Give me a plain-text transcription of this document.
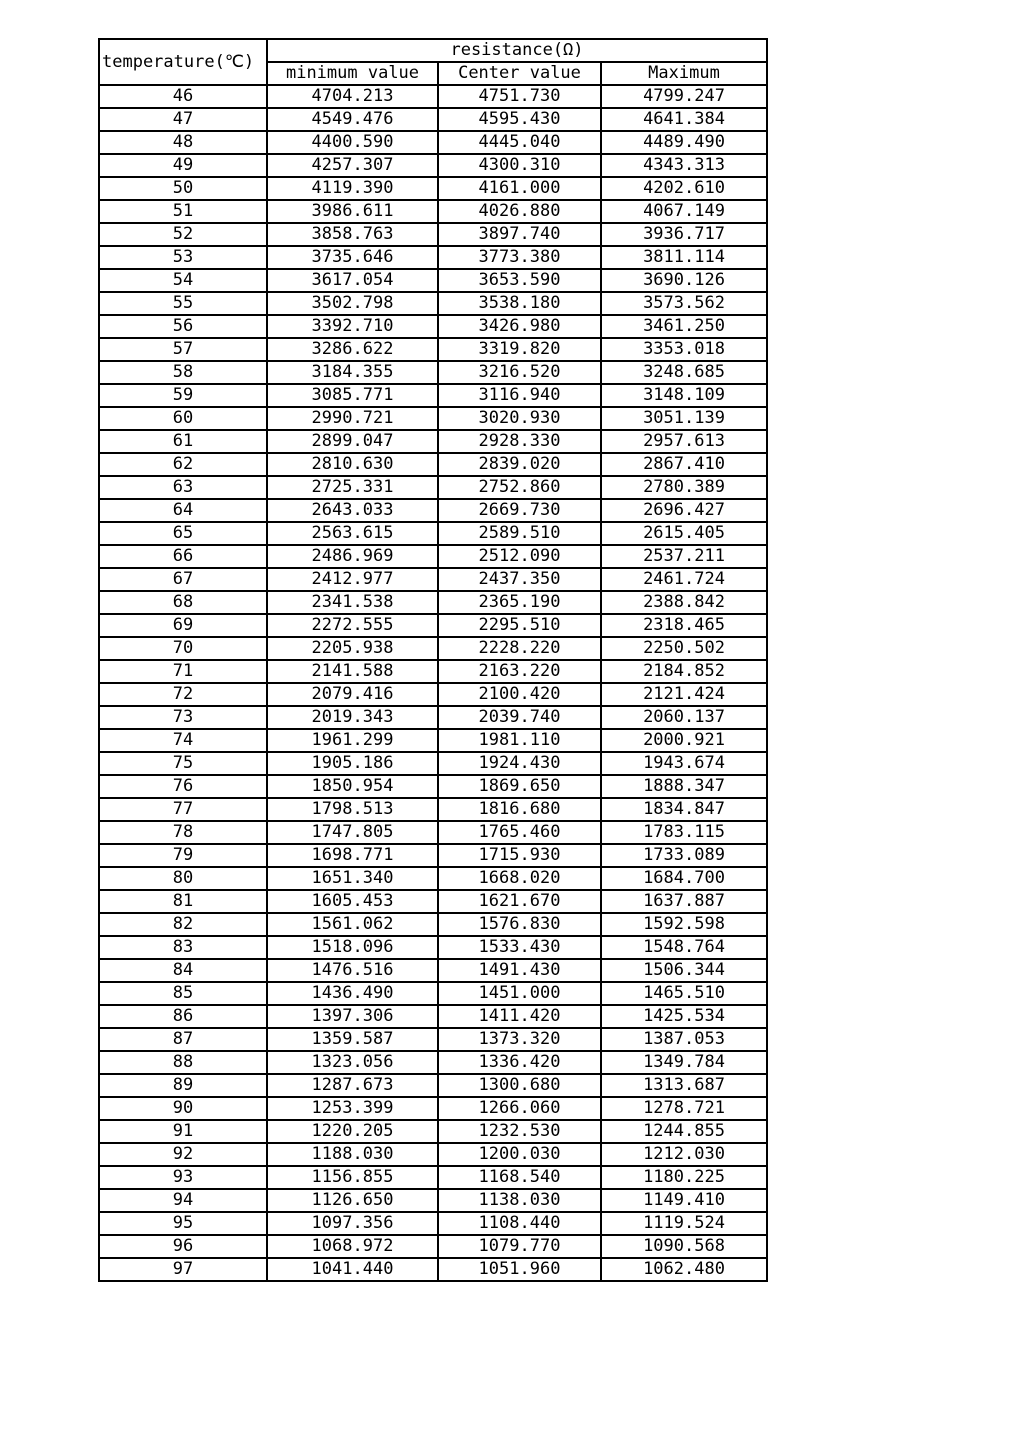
temperature(℃)	resistance(Ω)		
	minimum value	Center value	Maximum
46	4704.213	4751.730	4799.247
47	4549.476	4595.430	4641.384
48	4400.590	4445.040	4489.490
49	4257.307	4300.310	4343.313
50	4119.390	4161.000	4202.610
51	3986.611	4026.880	4067.149
52	3858.763	3897.740	3936.717
53	3735.646	3773.380	3811.114
54	3617.054	3653.590	3690.126
55	3502.798	3538.180	3573.562
56	3392.710	3426.980	3461.250
57	3286.622	3319.820	3353.018
58	3184.355	3216.520	3248.685
59	3085.771	3116.940	3148.109
60	2990.721	3020.930	3051.139
61	2899.047	2928.330	2957.613
62	2810.630	2839.020	2867.410
63	2725.331	2752.860	2780.389
64	2643.033	2669.730	2696.427
65	2563.615	2589.510	2615.405
66	2486.969	2512.090	2537.211
67	2412.977	2437.350	2461.724
68	2341.538	2365.190	2388.842
69	2272.555	2295.510	2318.465
70	2205.938	2228.220	2250.502
71	2141.588	2163.220	2184.852
72	2079.416	2100.420	2121.424
73	2019.343	2039.740	2060.137
74	1961.299	1981.110	2000.921
75	1905.186	1924.430	1943.674
76	1850.954	1869.650	1888.347
77	1798.513	1816.680	1834.847
78	1747.805	1765.460	1783.115
79	1698.771	1715.930	1733.089
80	1651.340	1668.020	1684.700
81	1605.453	1621.670	1637.887
82	1561.062	1576.830	1592.598
83	1518.096	1533.430	1548.764
84	1476.516	1491.430	1506.344
85	1436.490	1451.000	1465.510
86	1397.306	1411.420	1425.534
87	1359.587	1373.320	1387.053
88	1323.056	1336.420	1349.784
89	1287.673	1300.680	1313.687
90	1253.399	1266.060	1278.721
91	1220.205	1232.530	1244.855
92	1188.030	1200.030	1212.030
93	1156.855	1168.540	1180.225
94	1126.650	1138.030	1149.410
95	1097.356	1108.440	1119.524
96	1068.972	1079.770	1090.568
97	1041.440	1051.960	1062.480
